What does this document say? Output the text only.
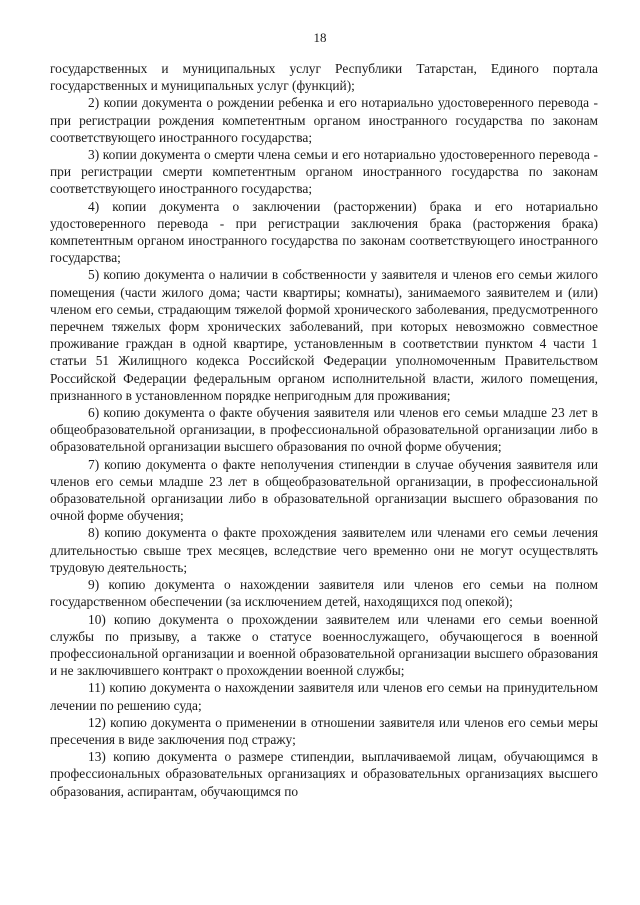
18

государственных и муниципальных услуг Республики Татарстан, Единого портала государственных и муниципальных услуг (функций);

2) копии документа о рождении ребенка и его нотариально удостоверенного перевода - при регистрации рождения компетентным органом иностранного государства по законам соответствующего иностранного государства;

3) копии документа о смерти члена семьи и его нотариально удостоверенного перевода - при регистрации смерти компетентным органом иностранного государства по законам соответствующего иностранного государства;

4) копии документа о заключении (расторжении) брака и его нотариально удостоверенного перевода - при регистрации заключения брака (расторжения брака) компетентным органом иностранного государства по законам соответствующего иностранного государства;

5) копию документа о наличии в собственности у заявителя и членов его семьи жилого помещения (части жилого дома; части квартиры; комнаты), занимаемого заявителем и (или) членом его семьи, страдающим тяжелой формой хронического заболевания, предусмотренного перечнем тяжелых форм хронических заболеваний, при которых невозможно совместное проживание граждан в одной квартире, установленным в соответствии пунктом 4 части 1 статьи 51 Жилищного кодекса Российской Федерации уполномоченным Правительством Российской Федерации федеральным органом исполнительной власти, жилого помещения, признанного в установленном порядке непригодным для проживания;

6) копию документа о факте обучения заявителя или членов его семьи младше 23 лет в общеобразовательной организации, в профессиональной образовательной организации либо в образовательной организации высшего образования по очной форме обучения;

7) копию документа о факте неполучения стипендии в случае обучения заявителя или членов его семьи младше 23 лет в общеобразовательной организации, в профессиональной образовательной организации либо в образовательной организации высшего образования по очной форме обучения;

8) копию документа о факте прохождения заявителем или членами его семьи лечения длительностью свыше трех месяцев, вследствие чего временно они не могут осуществлять трудовую деятельность;

9) копию документа о нахождении заявителя или членов его семьи на полном государственном обеспечении (за исключением детей, находящихся под опекой);

10) копию документа о прохождении заявителем или членами его семьи военной службы по призыву, а также о статусе военнослужащего, обучающегося в военной профессиональной организации и военной образовательной организации высшего образования и не заключившего контракт о прохождении военной службы;

11) копию документа о нахождении заявителя или членов его семьи на принудительном лечении по решению суда;

12) копию документа о применении в отношении заявителя или членов его семьи меры пресечения в виде заключения под стражу;

13) копию документа о размере стипендии, выплачиваемой лицам, обучающимся в профессиональных образовательных организациях и образовательных организациях высшего образования, аспирантам, обучающимся по
